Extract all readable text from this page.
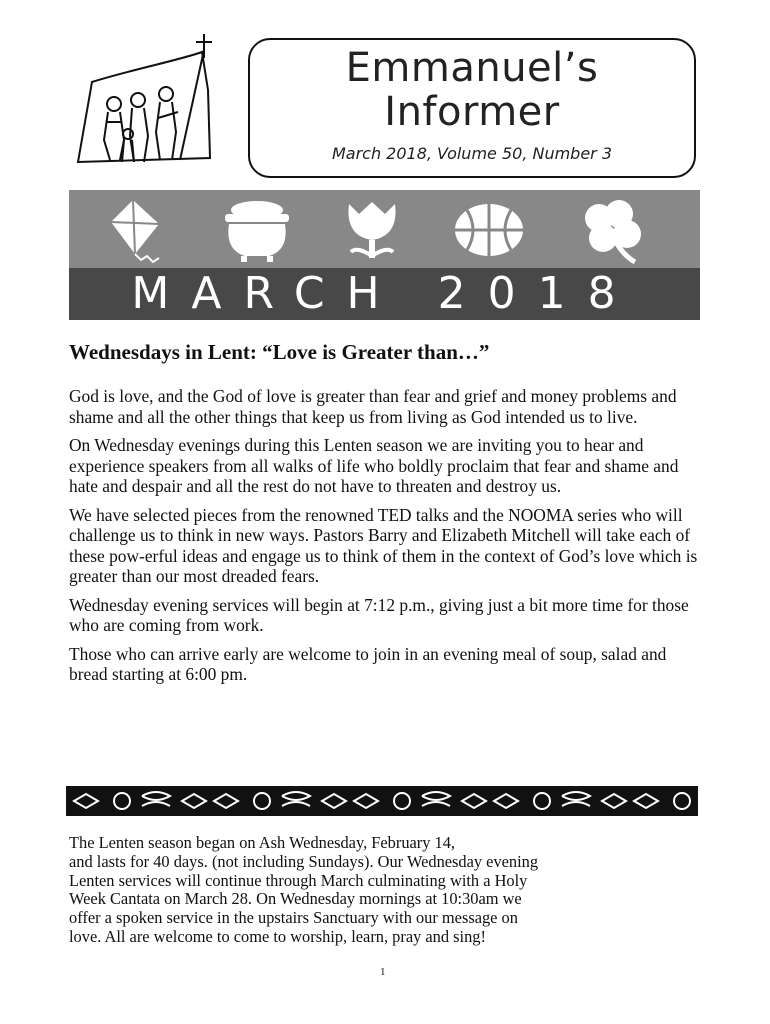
Emmanuel’s
Informer
March 2018, Volume 50, Number 3
MARCH 2018
Wednesdays in Lent: “Love is Greater than…”

God is love, and the God of love is greater than fear and grief and money problems and shame and all the other things that keep us from living as God intended us to live.

On Wednesday evenings during this Lenten season we are inviting you to hear and experience speakers from all walks of life who boldly proclaim that fear and shame and hate and despair and all the rest do not have to threaten and destroy us.

We have selected pieces from the renowned TED talks and the NOOMA series who will challenge us to think in new ways. Pastors Barry and Elizabeth Mitchell will take each of these pow-erful ideas and engage us to think of them in the context of God’s love which is greater than our most dreaded fears.

Wednesday evening services will begin at 7:12 p.m., giving just a bit more time for those who are coming from work.

Those who can arrive early are welcome to join in an evening meal of soup, salad and bread starting at 6:00 pm.

The Lenten season began on Ash Wednesday, February 14,

and lasts for 40 days. (not including Sundays). Our Wednesday evening

Lenten services will continue through March culminating with a Holy

Week Cantata on March 28. On Wednesday mornings at 10:30am we

offer a spoken service in the upstairs Sanctuary with our message on

love. All are welcome to come to worship, learn, pray and sing!

1
